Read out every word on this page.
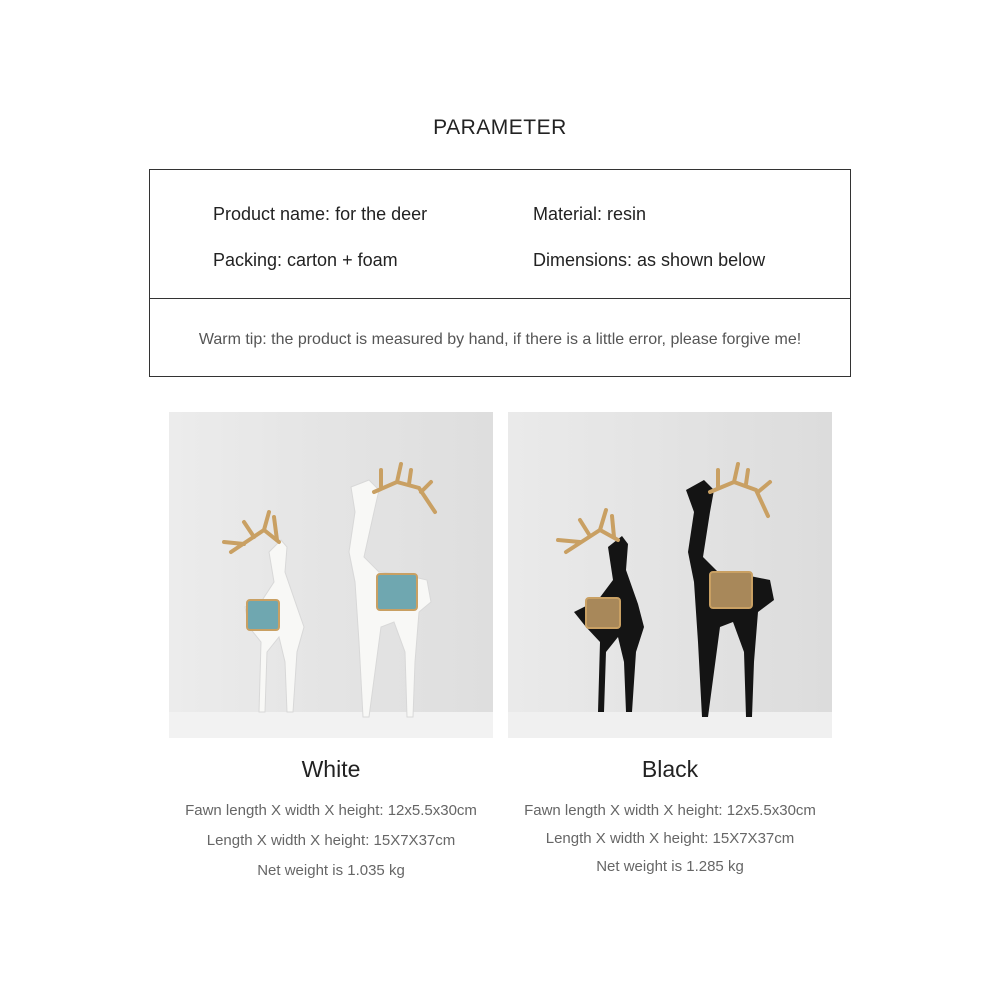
PARAMETER
Product name: for the deer	Material: resin
Packing: carton + foam	Dimensions: as shown below
Warm tip: the product is measured by hand, if there is a little error, please forgive me!
White	Black
Fawn length X width X height: 12x5.5x30cm
Length X width X height: 15X7X37cm
Net weight is 1.035 kg
Fawn length X width X height: 12x5.5x30cm
Length X width X height: 15X7X37cm
Net weight is 1.285 kg
